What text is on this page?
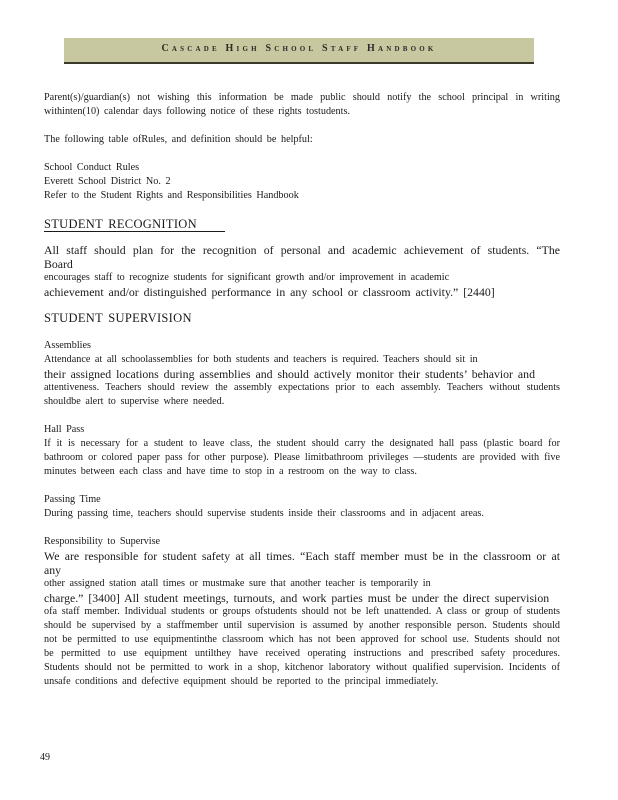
Cascade High School Staff Handbook

Parent(s)/guardian(s) not wishing this information be made public should notify the school principal in writing withinten(10) calendar days following notice of these rights tostudents.

The following table ofRules, and definition should be helpful:

School Conduct Rules

Everett School District No. 2

Refer to the Student Rights and Responsibilities Handbook

STUDENT RECOGNITION

All staff should plan for the recognition of personal and academic achievement of students. “The Board

encourages staff to recognize students for significant growth and/or improvement in academic

achievement and/or distinguished performance in any school or classroom activity.” [2440]

STUDENT SUPERVISION

Assemblies

Attendance at all schoolassemblies for both students and teachers is required. Teachers should sit in

their assigned locations during assemblies and should actively monitor their students’ behavior and

attentiveness. Teachers should review the assembly expectations prior to each assembly. Teachers without students shouldbe alert to supervise where needed.

Hall Pass

If it is necessary for a student to leave class, the student should carry the designated hall pass (plastic board for bathroom or colored paper pass for other purpose). Please limitbathroom privileges —students are provided with five minutes between each class and have time to stop in a restroom on the way to class.

Passing Time

During passing time, teachers should supervise students inside their classrooms and in adjacent areas.

Responsibility to Supervise

We are responsible for student safety at all times. “Each staff member must be in the classroom or at any

other assigned station atall times or mustmake sure that another teacher is temporarily in

charge.” [3400] All student meetings, turnouts, and work parties must be under the direct supervision

ofa staff member. Individual students or groups ofstudents should not be left unattended. A class or group of students should be supervised by a staffmember until supervision is assumed by another responsible person. Students should not be permitted to use equipmentinthe classroom which has not been approved for school use. Students should not be permitted to use equipment untilthey have received operating instructions and prescribed safety procedures. Students should not be permitted to work in a shop, kitchenor laboratory without qualified supervision. Incidents of unsafe conditions and defective equipment should be reported to the principal immediately.

49
